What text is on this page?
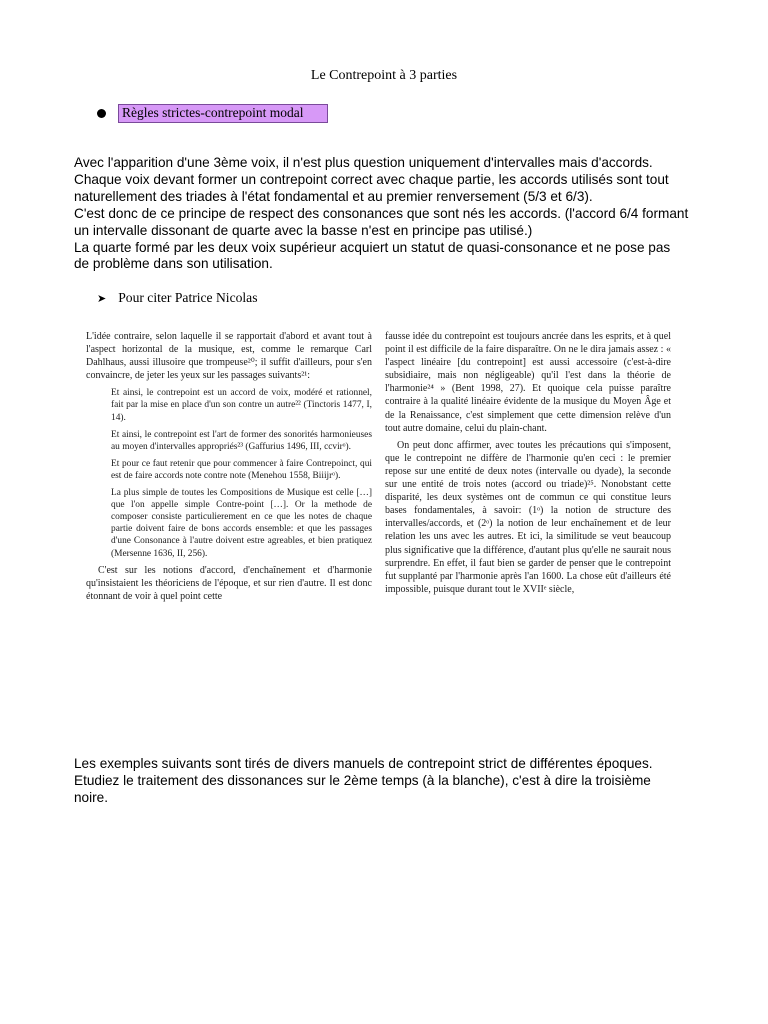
Le Contrepoint à 3 parties
Règles strictes-contrepoint modal

Avec l'apparition d'une 3ème voix, il n'est plus question uniquement d'intervalles mais d'accords.

Chaque voix devant former un contrepoint correct avec chaque partie, les accords utilisés sont tout

naturellement des triades à l'état fondamental et au premier renversement (5/3 et 6/3).

C'est donc de ce principe de respect des consonances que sont nés les accords. (l'accord 6/4 formant

un intervalle dissonant de quarte avec la basse n'est en principe pas utilisé.)

La quarte formé par les deux voix supérieur acquiert un statut de quasi-consonance et ne pose pas

de problème dans son utilisation.

➤ Pour citer Patrice Nicolas

L'idée contraire, selon laquelle il se rapportait d'abord et avant tout à l'aspect horizontal de la musique, est, comme le remarque Carl Dahlhaus, aussi illusoire que trompeuse²⁰; il suffit d'ailleurs, pour s'en convaincre, de jeter les yeux sur les passages suivants²¹:

Et ainsi, le contrepoint est un accord de voix, modéré et rationnel, fait par la mise en place d'un son contre un autre²² (Tinctoris 1477, I, 14).

Et ainsi, le contrepoint est l'art de former des sonorités harmonieuses au moyen d'intervalles appropriés²³ (Gaffurius 1496, III, ccvirᵒ).

Et pour ce faut retenir que pour commencer à faire Contrepoinct, qui est de faire accords note contre note (Menehou 1558, Biiijrᵒ).

La plus simple de toutes les Compositions de Musique est celle […] que l'on appelle simple Contre-point […]. Or la methode de composer consiste particulierement en ce que les notes de chaque partie doivent faire de bons accords ensemble: et que les passages d'une Consonance à l'autre doivent estre agreables, et bien pratiquez (Mersenne 1636, II, 256).

C'est sur les notions d'accord, d'enchaînement et d'harmonie qu'insistaient les théoriciens de l'époque, et sur rien d'autre. Il est donc étonnant de voir à quel point cette

fausse idée du contrepoint est toujours ancrée dans les esprits, et à quel point il est difficile de la faire disparaître. On ne le dira jamais assez : « l'aspect linéaire [du contrepoint] est aussi accessoire (c'est-à-dire subsidiaire, mais non négligeable) qu'il l'est dans la théorie de l'harmonie²⁴ » (Bent 1998, 27). Et quoique cela puisse paraître contraire à la qualité linéaire évidente de la musique du Moyen Âge et de la Renaissance, c'est simplement que cette dimension relève d'un tout autre domaine, celui du plain-chant.

On peut donc affirmer, avec toutes les précautions qui s'imposent, que le contrepoint ne diffère de l'harmonie qu'en ceci : le premier repose sur une entité de deux notes (intervalle ou dyade), la seconde sur une entité de trois notes (accord ou triade)²⁵. Nonobstant cette disparité, les deux systèmes ont de commun ce qui constitue leurs bases fondamentales, à savoir: (1ᵒ) la notion de structure des intervalles/accords, et (2ᵒ) la notion de leur enchaînement et de leur relation les uns avec les autres. Et ici, la similitude se veut beaucoup plus significative que la différence, d'autant plus qu'elle ne saurait nous surprendre. En effet, il faut bien se garder de penser que le contrepoint fut supplanté par l'harmonie après l'an 1600. La chose eût d'ailleurs été impossible, puisque durant tout le XVIIᵉ siècle,

Les exemples suivants sont tirés de divers manuels de contrepoint strict de différentes époques.

Etudiez le traitement des dissonances sur le 2ème temps (à la blanche), c'est à dire la troisième

noire.
